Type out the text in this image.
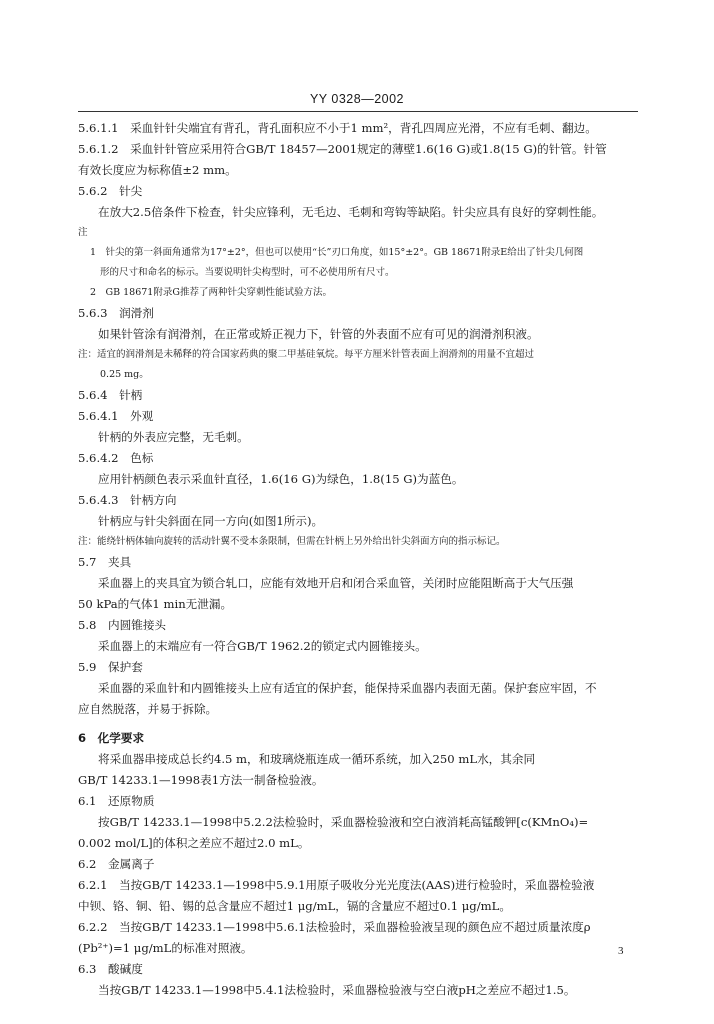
YY 0328—2002
5.6.1.1　采血针针尖端宜有背孔，背孔面积应不小于1 mm²，背孔四周应光滑，不应有毛刺、翻边。
5.6.1.2　采血针针管应采用符合GB/T 18457—2001规定的薄壁1.6(16 G)或1.8(15 G)的针管。针管
有效长度应为标称值±2 mm。
5.6.2　针尖
在放大2.5倍条件下检查，针尖应锋利，无毛边、毛刺和弯钩等缺陷。针尖应具有良好的穿刺性能。
注
1　针尖的第一斜面角通常为17°±2°，但也可以使用“长”刃口角度，如15°±2°。GB 18671附录E给出了针尖几何图
形的尺寸和命名的标示。当要说明针尖构型时，可不必使用所有尺寸。
2　GB 18671附录G推荐了两种针尖穿刺性能试验方法。
5.6.3　润滑剂
如果针管涂有润滑剂，在正常或矫正视力下，针管的外表面不应有可见的润滑剂积液。
注：适宜的润滑剂是未稀释的符合国家药典的聚二甲基硅氧烷。每平方厘米针管表面上润滑剂的用量不宜超过
0.25 mg。
5.6.4　针柄
5.6.4.1　外观
针柄的外表应完整，无毛刺。
5.6.4.2　色标
应用针柄颜色表示采血针直径，1.6(16 G)为绿色，1.8(15 G)为蓝色。
5.6.4.3　针柄方向
针柄应与针尖斜面在同一方向(如图1所示)。
注：能绕针柄体轴向旋转的活动针翼不受本条限制，但需在针柄上另外给出针尖斜面方向的指示标记。
5.7　夹具
采血器上的夹具宜为锁合轧口，应能有效地开启和闭合采血管，关闭时应能阻断高于大气压强
50 kPa的气体1 min无泄漏。
5.8　内圆锥接头
采血器上的末端应有一符合GB/T 1962.2的锁定式内圆锥接头。
5.9　保护套
采血器的采血针和内圆锥接头上应有适宜的保护套，能保持采血器内表面无菌。保护套应牢固，不
应自然脱落，并易于拆除。
6　化学要求
将采血器串接成总长约4.5 m，和玻璃烧瓶连成一循环系统，加入250 mL水，其余同
GB/T 14233.1—1998表1方法一制备检验液。
6.1　还原物质
按GB/T 14233.1—1998中5.2.2法检验时，采血器检验液和空白液消耗高锰酸钾[c(KMnO₄)=
0.002 mol/L]的体积之差应不超过2.0 mL。
6.2　金属离子
6.2.1　当按GB/T 14233.1—1998中5.9.1用原子吸收分光光度法(AAS)进行检验时，采血器检验液
中钡、铬、铜、铅、锡的总含量应不超过1 μg/mL，镉的含量应不超过0.1 μg/mL。
6.2.2　当按GB/T 14233.1—1998中5.6.1法检验时，采血器检验液呈现的颜色应不超过质量浓度ρ
(Pb²⁺)=1 μg/mL的标准对照液。
6.3　酸碱度
当按GB/T 14233.1—1998中5.4.1法检验时，采血器检验液与空白液pH之差应不超过1.5。
3
